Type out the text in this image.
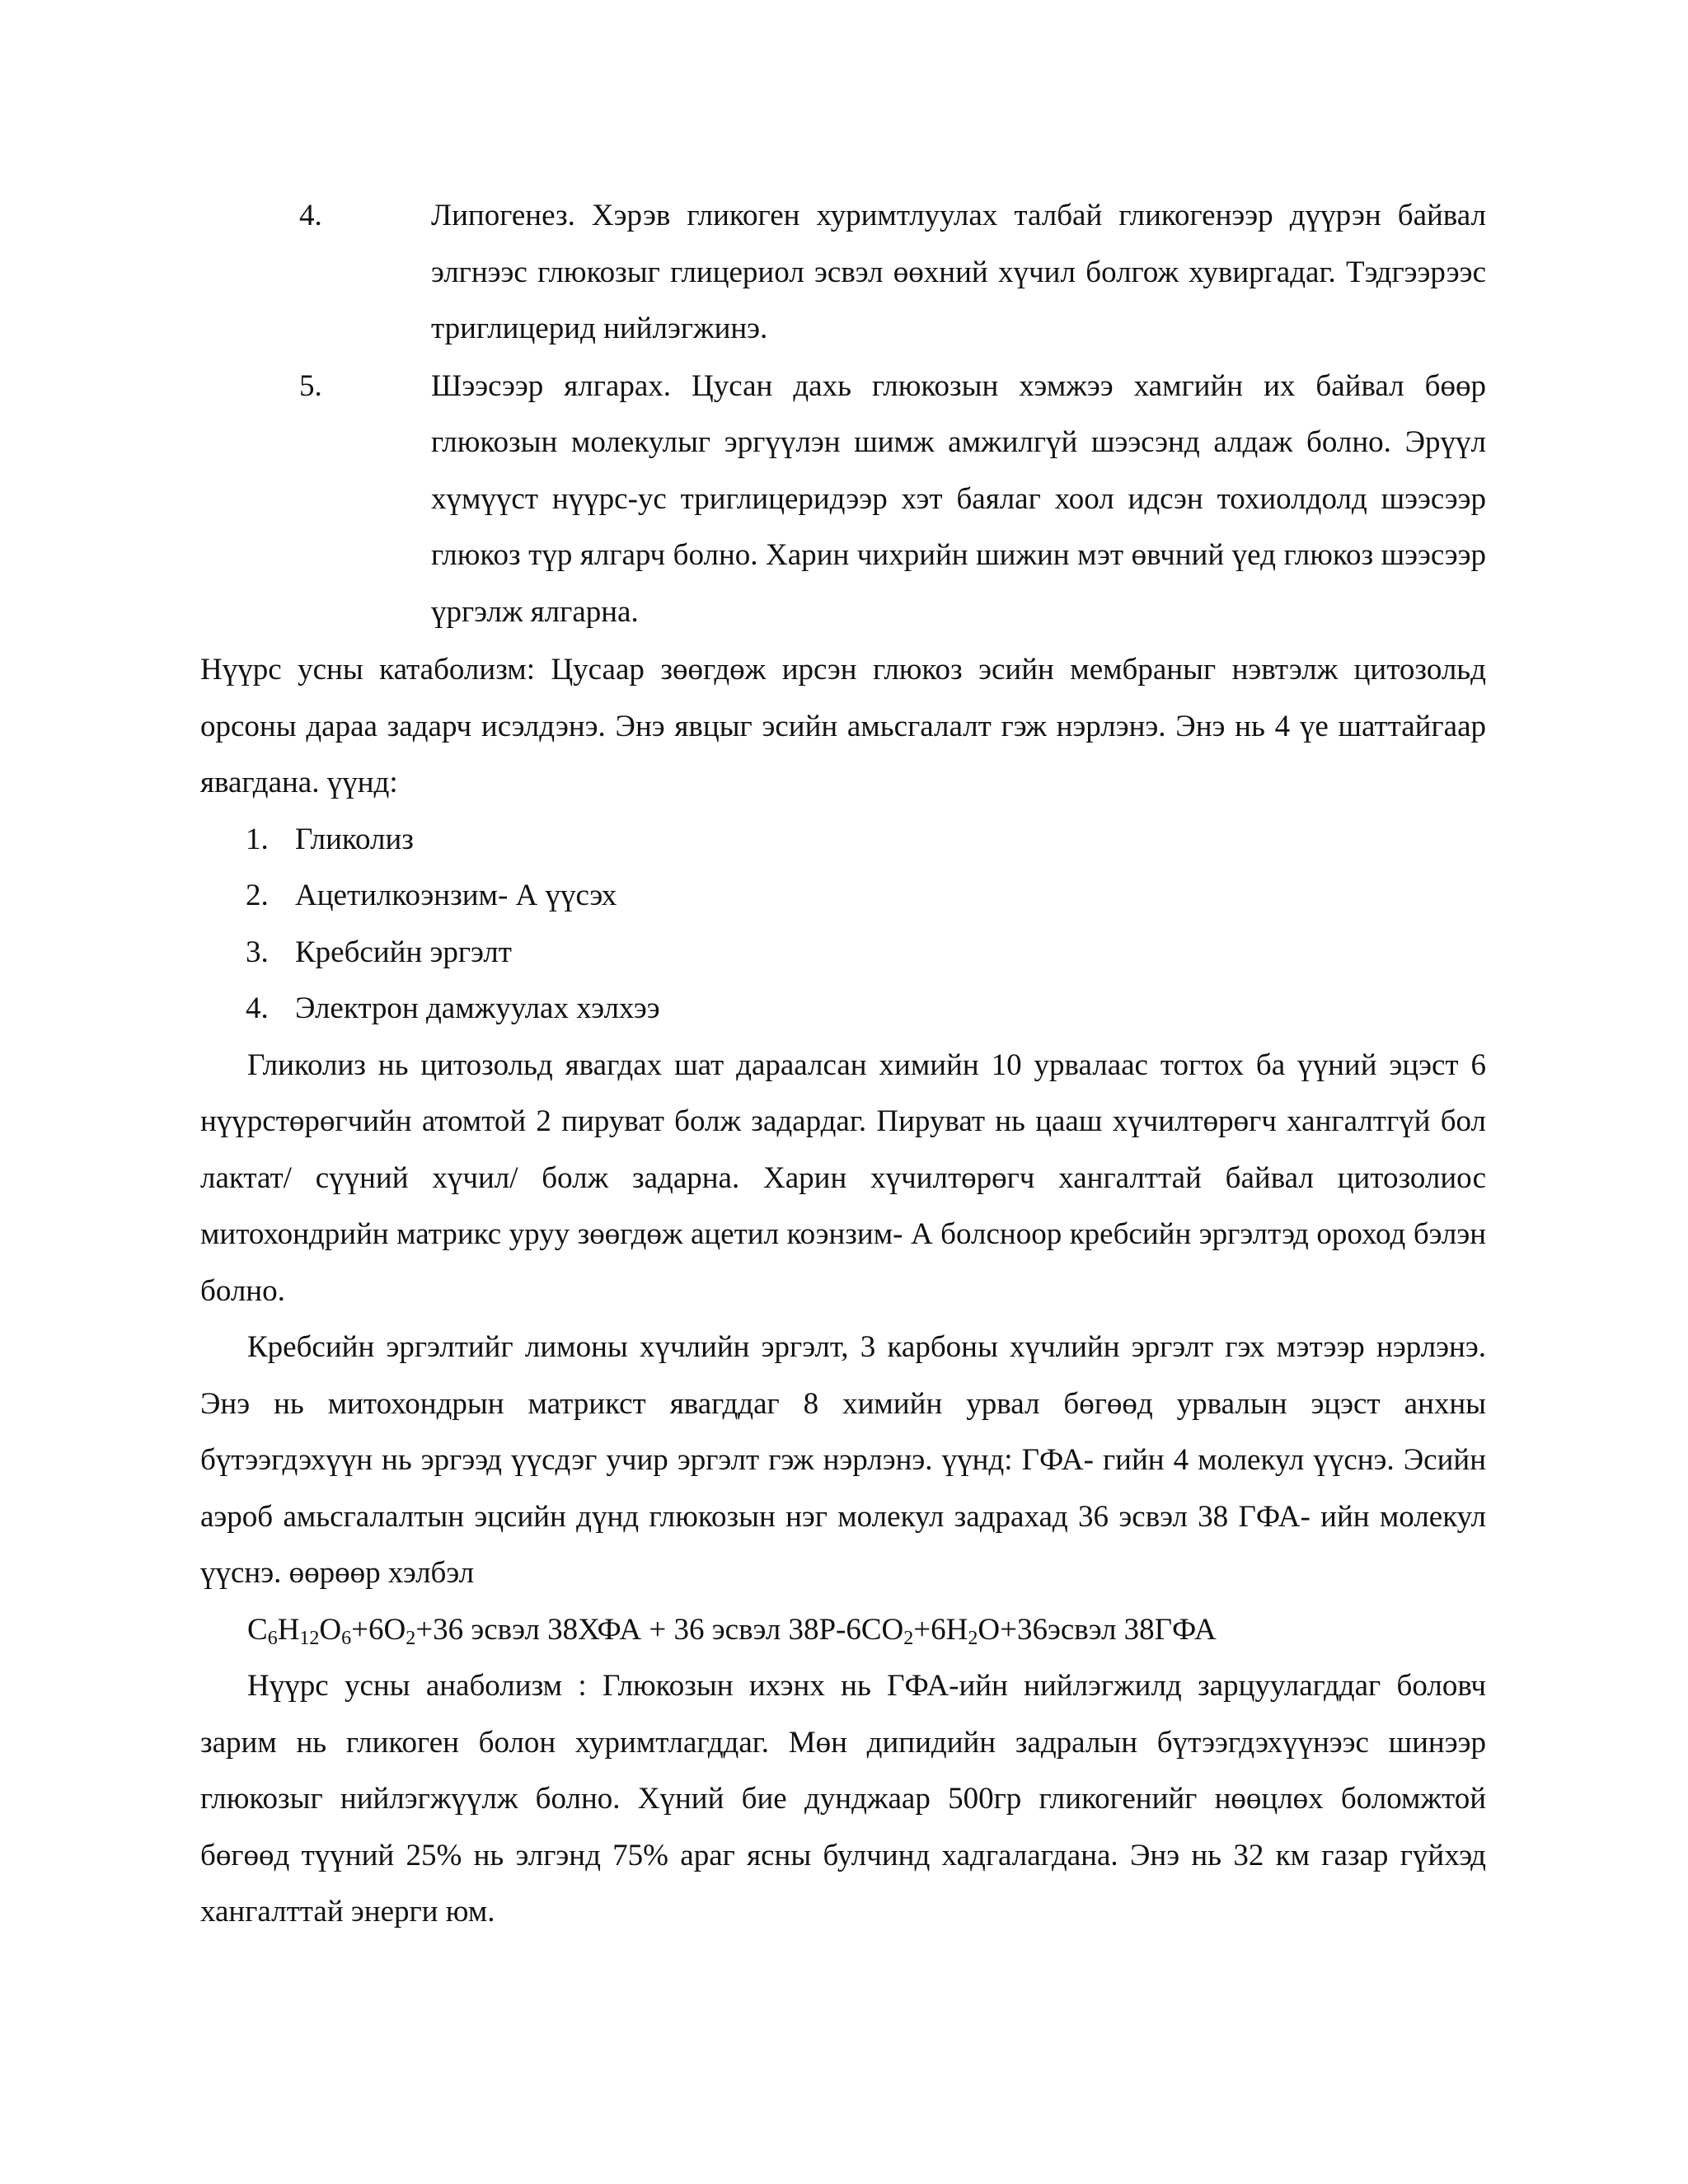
4.	Липогенез. Хэрэв гликоген хуримтлуулах талбай гликогенээр дүүрэн байвал элгнээс глюкозыг глицериол эсвэл өөхний хүчил болгож хувиргадаг. Тэдгээрээс триглицерид нийлэгжинэ.
5.	Шээсээр ялгарах. Цусан дахь глюкозын хэмжээ хамгийн их байвал бөөр глюкозын молекулыг эргүүлэн шимж амжилгүй шээсэнд алдаж болно. Эрүүл хүмүүст нүүрс-ус триглицеридээр хэт баялаг хоол идсэн тохиолдолд шээсээр глюкоз түр ялгарч болно. Харин чихрийн шижин мэт өвчний үед глюкоз шээсээр үргэлж ялгарна.

Нүүрс усны катаболизм: Цусаар зөөгдөж ирсэн глюкоз эсийн мембраныг нэвтэлж цитозольд орсоны дараа задарч исэлдэнэ. Энэ явцыг эсийн амьсгалалт гэж нэрлэнэ. Энэ нь 4 үе шаттайгаар явагдана. үүнд:

1. Гликолиз
2. Ацетилкоэнзим- А үүсэх
3. Кребсийн эргэлт
4. Электрон дамжуулах хэлхээ

Гликолиз нь цитозольд явагдах шат дараалсан химийн 10 урвалаас тогтох ба үүний эцэст 6 нүүрстөрөгчийн атомтой 2 пируват болж задардаг. Пируват нь цааш хүчилтөрөгч хангалтгүй бол лактат/ сүүний хүчил/ болж задарна. Харин хүчилтөрөгч хангалттай байвал цитозолиос митохондрийн матрикс уруу зөөгдөж ацетил коэнзим- А болсноор кребсийн эргэлтэд ороход бэлэн болно.

Кребсийн эргэлтийг лимоны хүчлийн эргэлт, 3 карбоны хүчлийн эргэлт гэх мэтээр нэрлэнэ. Энэ нь митохондрын матрикст явагддаг 8 химийн урвал бөгөөд урвалын эцэст анхны бүтээгдэхүүн нь эргээд үүсдэг учир эргэлт гэж нэрлэнэ. үүнд: ГФА- гийн 4 молекул үүснэ. Эсийн аэроб амьсгалалтын эцсийн дүнд глюкозын нэг молекул задрахад 36 эсвэл 38 ГФА- ийн молекул үүснэ. өөрөөр хэлбэл

$C_6H_{12}O_6+6O_2+36$ эсвэл 38ХФА + 36 эсвэл $38Р-6CO_2+6H_2O+36эсвэл$ 38ГФА

Нүүрс усны анаболизм : Глюкозын ихэнх нь ГФА-ийн нийлэгжилд зарцуулагддаг боловч зарим нь гликоген болон хуримтлагддаг. Мөн дипидийн задралын бүтээгдэхүүнээс шинээр глюкозыг нийлэгжүүлж болно. Хүний бие дунджаар 500гр гликогенийг нөөцлөх боломжтой бөгөөд түүний 25% нь элгэнд 75% араг ясны булчинд хадгалагдана. Энэ нь 32 км газар гүйхэд хангалттай энерги юм.
